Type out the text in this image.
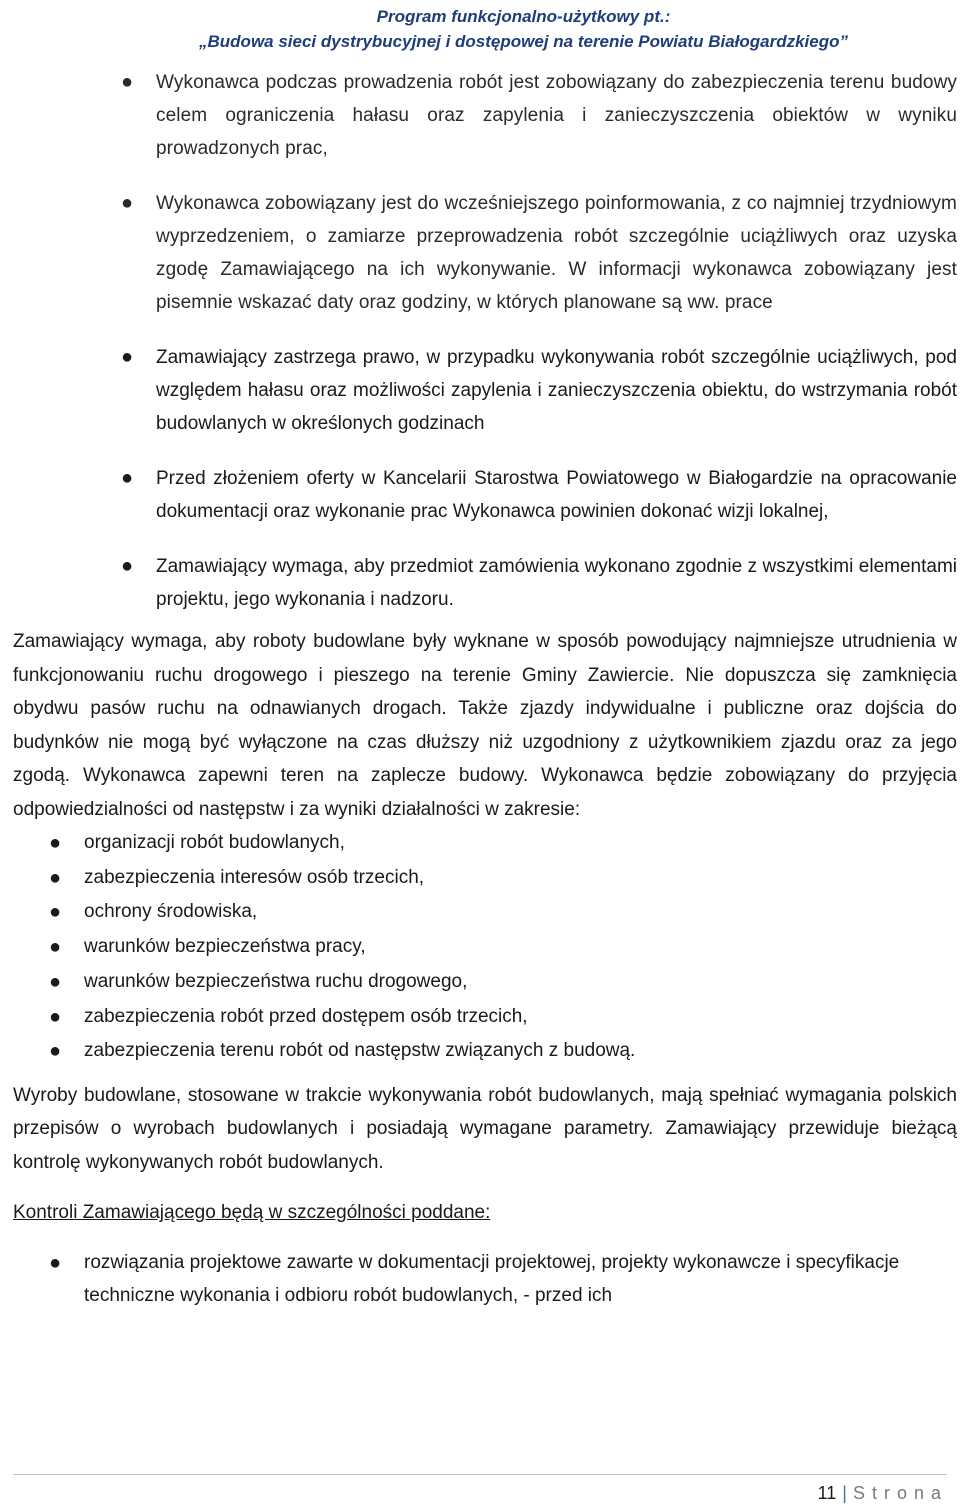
Program funkcjonalno-użytkowy pt.:
„Budowa sieci dystrybucyjnej i dostępowej na terenie Powiatu Białogardzkiego”
● Wykonawca podczas prowadzenia robót jest zobowiązany do zabezpieczenia terenu budowy celem ograniczenia hałasu oraz zapylenia i zanieczyszczenia obiektów w wyniku prowadzonych prac,
● Wykonawca zobowiązany jest do wcześniejszego poinformowania, z co najmniej trzydniowym wyprzedzeniem, o zamiarze przeprowadzenia robót szczególnie uciążliwych oraz uzyska zgodę Zamawiającego na ich wykonywanie. W informacji wykonawca zobowiązany jest pisemnie wskazać daty oraz godziny, w których planowane są ww. prace
● Zamawiający zastrzega prawo, w przypadku wykonywania robót szczególnie uciążliwych, pod względem hałasu oraz możliwości zapylenia i zanieczyszczenia obiektu, do wstrzymania robót budowlanych w określonych godzinach
● Przed złożeniem oferty w Kancelarii Starostwa Powiatowego w Białogardzie na opracowanie dokumentacji oraz wykonanie prac Wykonawca powinien dokonać wizji lokalnej,
● Zamawiający wymaga, aby przedmiot zamówienia wykonano zgodnie z wszystkimi elementami projektu, jego wykonania i nadzoru.

Zamawiający wymaga, aby roboty budowlane były wyknane w sposób powodujący najmniejsze utrudnienia w funkcjonowaniu ruchu drogowego i pieszego na terenie Gminy Zawiercie. Nie dopuszcza się zamknięcia obydwu pasów ruchu na odnawianych drogach. Także zjazdy indywidualne i publiczne oraz dojścia do budynków nie mogą być wyłączone na czas dłuższy niż uzgodniony z użytkownikiem zjazdu oraz za jego zgodą. Wykonawca zapewni teren na zaplecze budowy. Wykonawca będzie zobowiązany do przyjęcia odpowiedzialności od następstw i za wyniki działalności w zakresie:

● organizacji robót budowlanych,
● zabezpieczenia interesów osób trzecich,
● ochrony środowiska,
● warunków bezpieczeństwa pracy,
● warunków bezpieczeństwa ruchu drogowego,
● zabezpieczenia robót przed dostępem osób trzecich,
● zabezpieczenia terenu robót od następstw związanych z budową.

Wyroby budowlane, stosowane w trakcie wykonywania robót budowlanych, mają spełniać wymagania polskich przepisów o wyrobach budowlanych i posiadają wymagane parametry. Zamawiający przewiduje bieżącą kontrolę wykonywanych robót budowlanych.

Kontroli Zamawiającego będą w szczególności poddane:
● rozwiązania projektowe zawarte w dokumentacji projektowej, projekty wykonawcze i specyfikacje techniczne wykonania i odbioru robót budowlanych, - przed ich
11 | Strona
